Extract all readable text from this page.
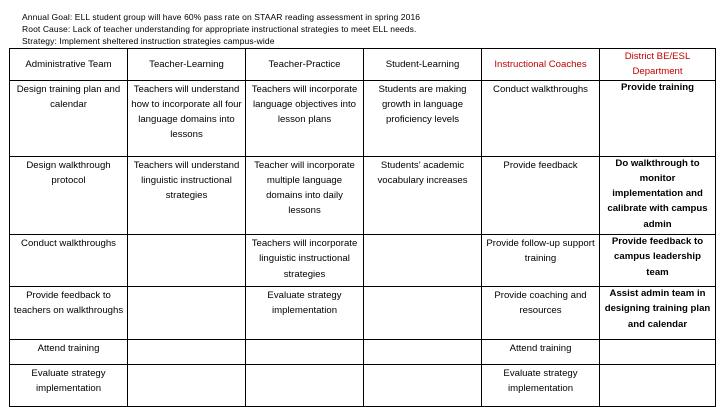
Annual Goal: ELL student group will have 60% pass rate on STAAR reading assessment in spring 2016
Root Cause: Lack of teacher understanding for appropriate instructional strategies to meet ELL needs.
Strategy: Implement sheltered instruction strategies campus-wide
Administrative Team	Teacher-Learning	Teacher-Practice	Student-Learning	Instructional Coaches	District BE/ESL Department
Design training plan and calendar	Teachers will understand how to incorporate all four language domains into lessons	Teachers will incorporate language objectives into lesson plans	Students are making growth in language proficiency levels	Conduct walkthroughs	Provide training
Design walkthrough protocol	Teachers will understand linguistic instructional strategies	Teacher will incorporate multiple language domains into daily lessons	Students’ academic vocabulary increases	Provide feedback	Do walkthrough to monitor implementation and calibrate with campus admin
Conduct walkthroughs		Teachers will incorporate linguistic instructional strategies		Provide follow-up support training	Provide feedback to campus leadership team
Provide feedback to teachers on walkthroughs		Evaluate strategy implementation		Provide coaching and resources	Assist admin team in designing training plan and calendar
Attend training				Attend training	
Evaluate strategy implementation				Evaluate strategy implementation	
